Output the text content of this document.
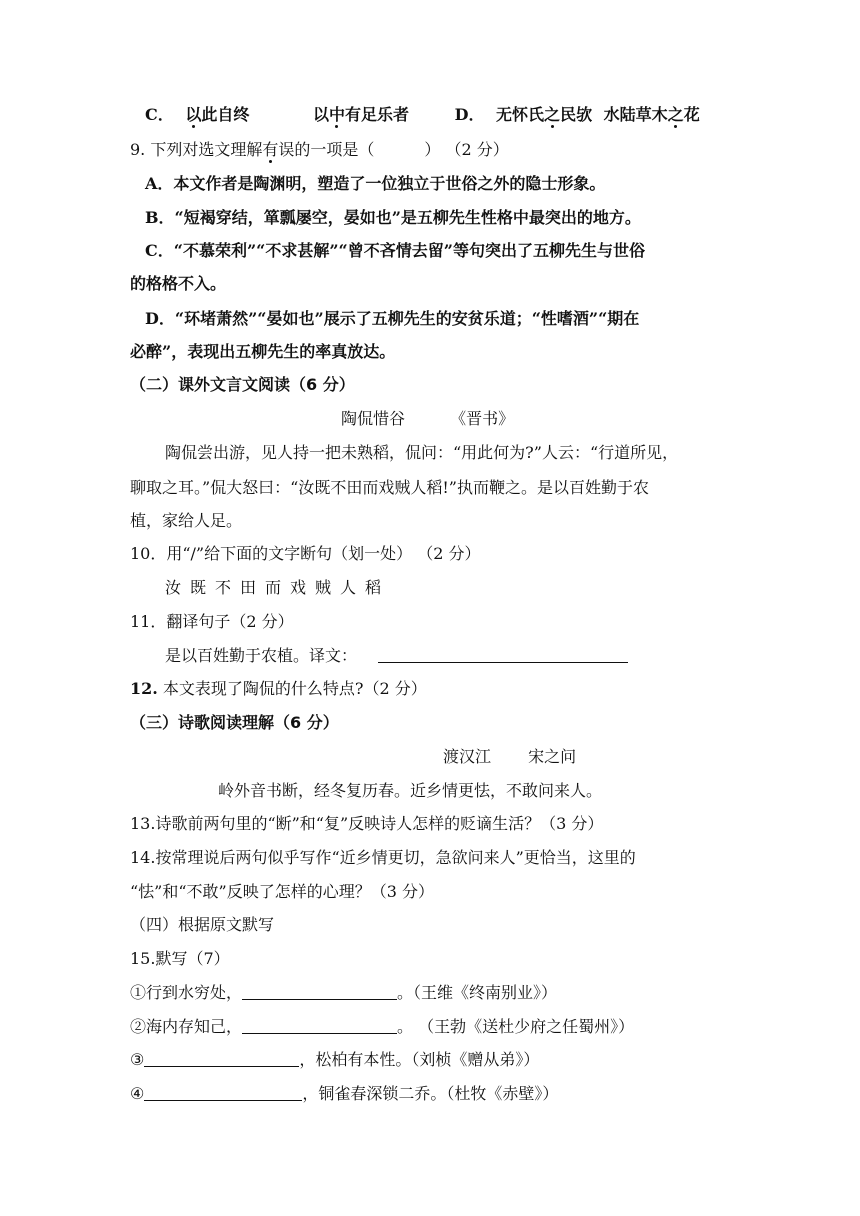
C． 以此自终	以中有足乐者	D． 无怀氏之民欤 水陆草木之花
9. 下列对选文理解有误的一项是（	） （2 分）
A．本文作者是陶渊明，塑造了一位独立于世俗之外的隐士形象。
B．“短褐穿结，箪瓢屡空，晏如也”是五柳先生性格中最突出的地方。
C．“不慕荣利”“不求甚解”“曾不吝情去留”等句突出了五柳先生与世俗
的格格不入。
D．“环堵萧然”“晏如也”展示了五柳先生的安贫乐道；“性嗜酒”“期在
必醉”，表现出五柳先生的率真放达。
（二）课外文言文阅读（6 分）
陶侃惜谷	《晋书》
陶侃尝出游，见人持一把未熟稻，侃问：“用此何为?”人云：“行道所见，
聊取之耳。”侃大怒曰：“汝既不田而戏贼人稻!”执而鞭之。是以百姓勤于农
植，家给人足。
10．用“/”给下面的文字断句（划一处） （2 分）
汝既不田而戏贼人稻
11．翻译句子（2 分）
是以百姓勤于农植。译文：
12. 本文表现了陶侃的什么特点?（2 分）
（三）诗歌阅读理解（6 分）
渡汉江 宋之问
岭外音书断，经冬复历春。近乡情更怯，不敢问来人。
13.诗歌前两句里的“断”和“复”反映诗人怎样的贬谪生活？（3 分）
14.按常理说后两句似乎写作“近乡情更切，急欲问来人”更恰当，这里的
“怯”和“不敢”反映了怎样的心理？（3 分）
（四）根据原文默写
15.默写（7）
①行到水穷处，	。（王维《终南别业》）
②海内存知己，	。 （王勃《送杜少府之任蜀州》）
③	，松柏有本性。（刘桢《赠从弟》）
④	，铜雀春深锁二乔。（杜牧《赤壁》）
